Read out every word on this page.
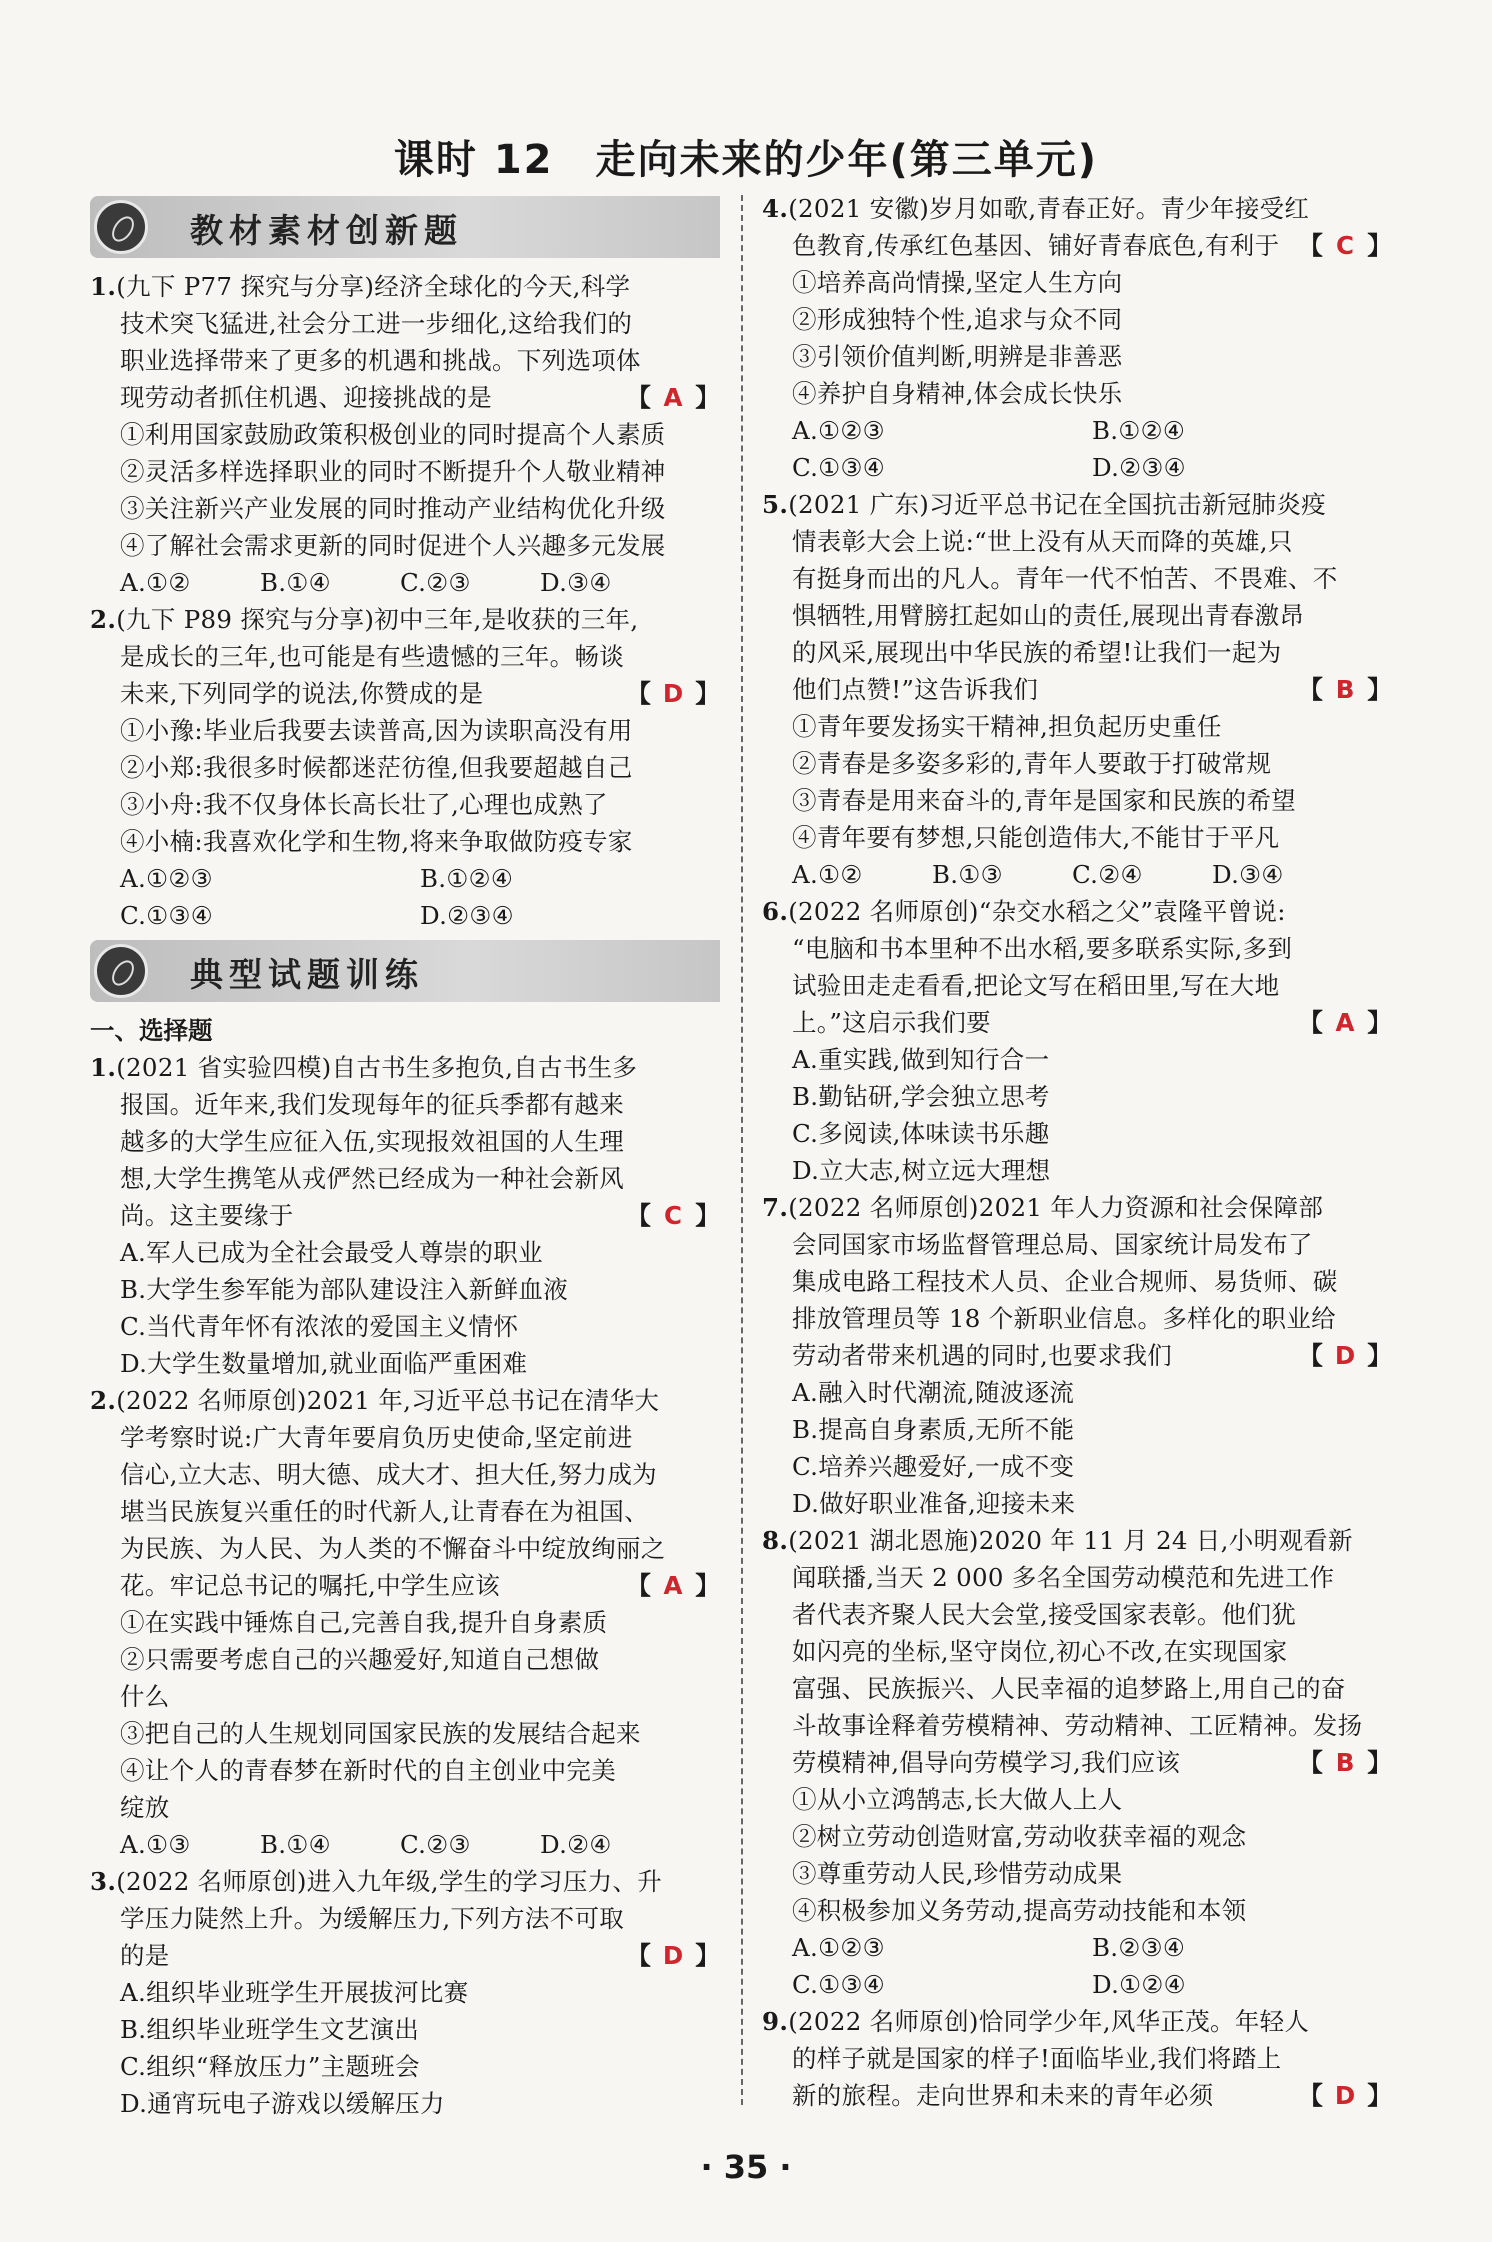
课时 12　走向未来的少年(第三单元)
教材素材创新题
1.(九下 P77 探究与分享)经济全球化的今天,科学
技术突飞猛进,社会分工进一步细化,这给我们的
职业选择带来了更多的机遇和挑战。下列选项体
现劳动者抓住机遇、迎接挑战的是	【 A 】
①利用国家鼓励政策积极创业的同时提高个人素质
②灵活多样选择职业的同时不断提升个人敬业精神
③关注新兴产业发展的同时推动产业结构优化升级
④了解社会需求更新的同时促进个人兴趣多元发展
A.①②	B.①④	C.②③	D.③④
2.(九下 P89 探究与分享)初中三年,是收获的三年,
是成长的三年,也可能是有些遗憾的三年。畅谈
未来,下列同学的说法,你赞成的是	【 D 】
①小豫:毕业后我要去读普高,因为读职高没有用
②小郑:我很多时候都迷茫彷徨,但我要超越自己
③小舟:我不仅身体长高长壮了,心理也成熟了
④小楠:我喜欢化学和生物,将来争取做防疫专家
A.①②③	B.①②④
C.①③④	D.②③④
典型试题训练
一、选择题
1.(2021 省实验四模)自古书生多抱负,自古书生多
报国。近年来,我们发现每年的征兵季都有越来
越多的大学生应征入伍,实现报效祖国的人生理
想,大学生携笔从戎俨然已经成为一种社会新风
尚。这主要缘于	【 C 】
A.军人已成为全社会最受人尊崇的职业
B.大学生参军能为部队建设注入新鲜血液
C.当代青年怀有浓浓的爱国主义情怀
D.大学生数量增加,就业面临严重困难
2.(2022 名师原创)2021 年,习近平总书记在清华大
学考察时说:广大青年要肩负历史使命,坚定前进
信心,立大志、明大德、成大才、担大任,努力成为
堪当民族复兴重任的时代新人,让青春在为祖国、
为民族、为人民、为人类的不懈奋斗中绽放绚丽之
花。牢记总书记的嘱托,中学生应该	【 A 】
①在实践中锤炼自己,完善自我,提升自身素质
②只需要考虑自己的兴趣爱好,知道自己想做
什么
③把自己的人生规划同国家民族的发展结合起来
④让个人的青春梦在新时代的自主创业中完美
绽放
A.①③	B.①④	C.②③	D.②④
3.(2022 名师原创)进入九年级,学生的学习压力、升
学压力陡然上升。为缓解压力,下列方法不可取
的是	【 D 】
A.组织毕业班学生开展拔河比赛
B.组织毕业班学生文艺演出
C.组织“释放压力”主题班会
D.通宵玩电子游戏以缓解压力
4.(2021 安徽)岁月如歌,青春正好。青少年接受红
色教育,传承红色基因、铺好青春底色,有利于 【 C 】
①培养高尚情操,坚定人生方向
②形成独特个性,追求与众不同
③引领价值判断,明辨是非善恶
④养护自身精神,体会成长快乐
A.①②③	B.①②④
C.①③④	D.②③④
5.(2021 广东)习近平总书记在全国抗击新冠肺炎疫
情表彰大会上说:“世上没有从天而降的英雄,只
有挺身而出的凡人。青年一代不怕苦、不畏难、不
惧牺牲,用臂膀扛起如山的责任,展现出青春激昂
的风采,展现出中华民族的希望!让我们一起为
他们点赞!”这告诉我们	【 B 】
①青年要发扬实干精神,担负起历史重任
②青春是多姿多彩的,青年人要敢于打破常规
③青春是用来奋斗的,青年是国家和民族的希望
④青年要有梦想,只能创造伟大,不能甘于平凡
A.①②	B.①③	C.②④	D.③④
6.(2022 名师原创)“杂交水稻之父”袁隆平曾说:
“电脑和书本里种不出水稻,要多联系实际,多到
试验田走走看看,把论文写在稻田里,写在大地
上。”这启示我们要	【 A 】
A.重实践,做到知行合一
B.勤钻研,学会独立思考
C.多阅读,体味读书乐趣
D.立大志,树立远大理想
7.(2022 名师原创)2021 年人力资源和社会保障部
会同国家市场监督管理总局、国家统计局发布了
集成电路工程技术人员、企业合规师、易货师、碳
排放管理员等 18 个新职业信息。多样化的职业给
劳动者带来机遇的同时,也要求我们	【 D 】
A.融入时代潮流,随波逐流
B.提高自身素质,无所不能
C.培养兴趣爱好,一成不变
D.做好职业准备,迎接未来
8.(2021 湖北恩施)2020 年 11 月 24 日,小明观看新
闻联播,当天 2 000 多名全国劳动模范和先进工作
者代表齐聚人民大会堂,接受国家表彰。他们犹
如闪亮的坐标,坚守岗位,初心不改,在实现国家
富强、民族振兴、人民幸福的追梦路上,用自己的奋
斗故事诠释着劳模精神、劳动精神、工匠精神。发扬
劳模精神,倡导向劳模学习,我们应该	【 B 】
①从小立鸿鹄志,长大做人上人
②树立劳动创造财富,劳动收获幸福的观念
③尊重劳动人民,珍惜劳动成果
④积极参加义务劳动,提高劳动技能和本领
A.①②③	B.②③④
C.①③④	D.①②④
9.(2022 名师原创)恰同学少年,风华正茂。年轻人
的样子就是国家的样子!面临毕业,我们将踏上
新的旅程。走向世界和未来的青年必须	【 D 】
· 35 ·
